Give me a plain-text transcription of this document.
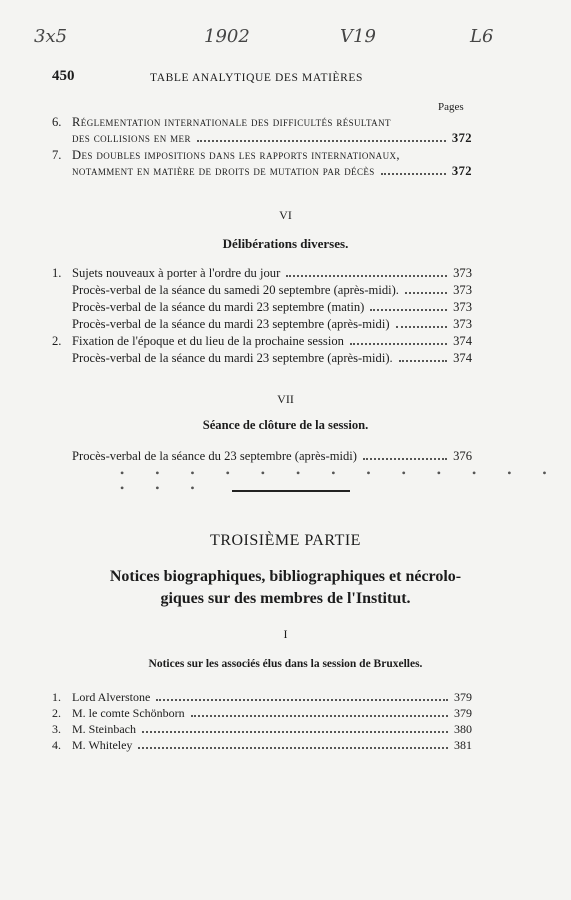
3x5	1902	V19	L6
450	TABLE ANALYTIQUE DES MATIÈRES
Pages
6. Réglementation internationale des difficultés résultant
des collisions en mer	372
7. Des doubles impositions dans les rapports internationaux,
notamment en matière de droits de mutation par décès	372
VI
Délibérations diverses.
1. Sujets nouveaux à porter à l'ordre du jour	373
Procès-verbal de la séance du samedi 20 septembre (après-midi).	373
Procès-verbal de la séance du mardi 23 septembre (matin)	373
Procès-verbal de la séance du mardi 23 septembre (après-midi)	373
2. Fixation de l'époque et du lieu de la prochaine session	374
Procès-verbal de la séance du mardi 23 septembre (après-midi).	374
VII
Séance de clôture de la session.
Procès-verbal de la séance du 23 septembre (après-midi)	376
• • • • • • • • • • • • • • • •
TROISIÈME PARTIE
Notices biographiques, bibliographiques et nécrolo-
giques sur des membres de l'Institut.
I
Notices sur les associés élus dans la session de Bruxelles.
1. Lord Alverstone	379
2. M. le comte Schönborn	379
3. M. Steinbach	380
4. M. Whiteley	381
